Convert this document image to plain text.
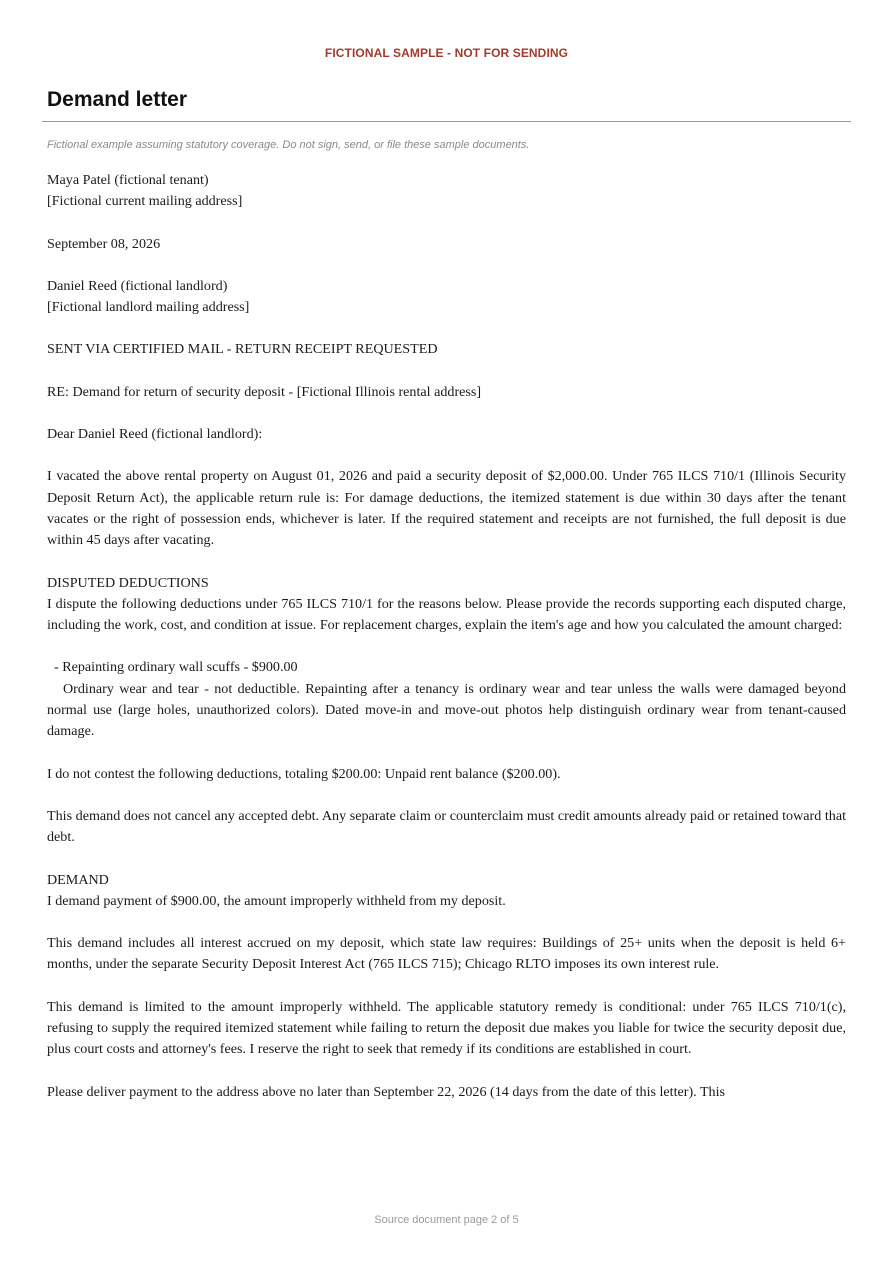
FICTIONAL SAMPLE - NOT FOR SENDING
Demand letter
Fictional example assuming statutory coverage. Do not sign, send, or file these sample documents.

Maya Patel (fictional tenant)
[Fictional current mailing address]

September 08, 2026

Daniel Reed (fictional landlord)
[Fictional landlord mailing address]

SENT VIA CERTIFIED MAIL - RETURN RECEIPT REQUESTED

RE: Demand for return of security deposit - [Fictional Illinois rental address]

Dear Daniel Reed (fictional landlord):

I vacated the above rental property on August 01, 2026 and paid a security deposit of $2,000.00. Under 765 ILCS 710/1 (Illinois Security Deposit Return Act), the applicable return rule is: For damage deductions, the itemized statement is due within 30 days after the tenant vacates or the right of possession ends, whichever is later. If the required statement and receipts are not furnished, the full deposit is due within 45 days after vacating.

DISPUTED DEDUCTIONS

I dispute the following deductions under 765 ILCS 710/1 for the reasons below. Please provide the records supporting each disputed charge, including the work, cost, and condition at issue. For replacement charges, explain the item's age and how you calculated the amount charged:

- Repainting ordinary wall scuffs - $900.00

Ordinary wear and tear - not deductible. Repainting after a tenancy is ordinary wear and tear unless the walls were damaged beyond normal use (large holes, unauthorized colors). Dated move-in and move-out photos help distinguish ordinary wear from tenant-caused damage.

I do not contest the following deductions, totaling $200.00: Unpaid rent balance ($200.00).

This demand does not cancel any accepted debt. Any separate claim or counterclaim must credit amounts already paid or retained toward that debt.

DEMAND

I demand payment of $900.00, the amount improperly withheld from my deposit.

This demand includes all interest accrued on my deposit, which state law requires: Buildings of 25+ units when the deposit is held 6+ months, under the separate Security Deposit Interest Act (765 ILCS 715); Chicago RLTO imposes its own interest rule.

This demand is limited to the amount improperly withheld. The applicable statutory remedy is conditional: under 765 ILCS 710/1(c), refusing to supply the required itemized statement while failing to return the deposit due makes you liable for twice the security deposit due, plus court costs and attorney's fees. I reserve the right to seek that remedy if its conditions are established in court.

Please deliver payment to the address above no later than September 22, 2026 (14 days from the date of this letter). This

Source document page 2 of 5
